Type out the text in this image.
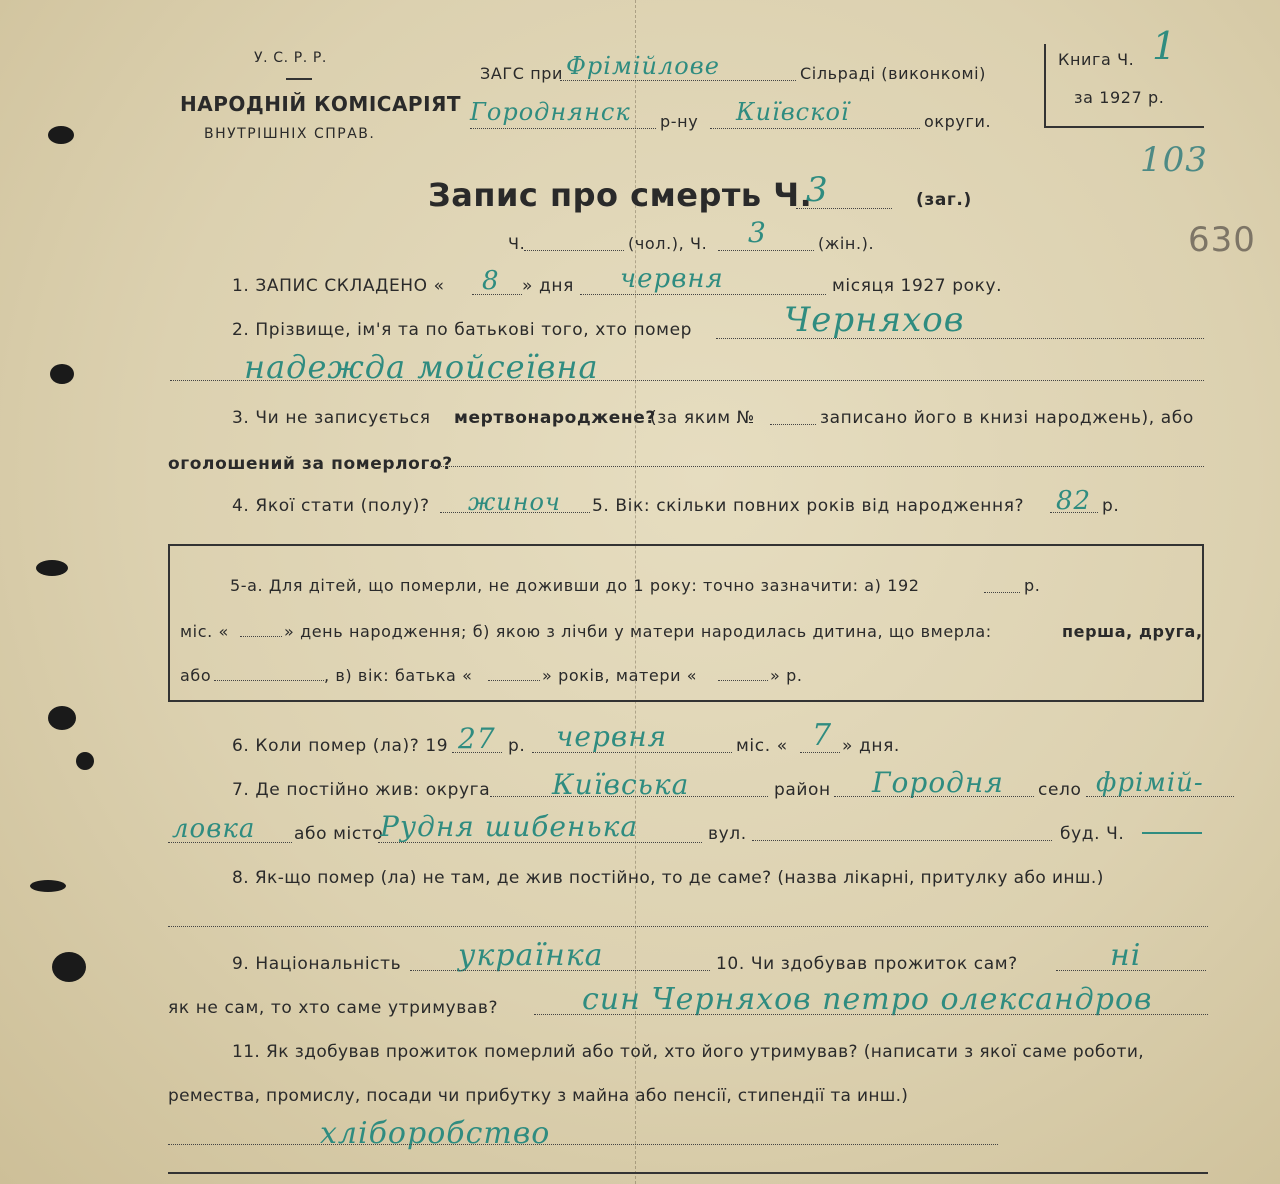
У. С. Р. Р.
НАРОДНІЙ КОМІСАРІЯТ
ВНУТРІШНІХ СПРАВ.
ЗАГС при Фрімійлове	Сільраді (виконкомі)
Городнянск р-ну Київскої	округи.
Книга Ч. 1
за 1927 р.
103
630
Запис про смерть Ч.
3	(заг.)
Ч.	(чол.), Ч. 3	(жін.).
1. ЗАПИС СКЛАДЕНО « 8 » дня червня	місяця 1927 року.
2. Прізвище, ім'я та по батькові того, хто помер	Черняхов
надежда мойсеївна
3. Чи не записується мертвонароджене?
(за яким №	записано його в книзі народжень), або
оголошений за померлого?
4. Якої стати (полу)? жиноч 5. Вік: скільки повних років від народження? 82 р.
5-а. Для дітей, що померли, не доживши до 1 року: точно зазначити: а) 192	р.
міс. «	» день народження; б) якою з лічби у матери народилась дитина, що вмерла:	перша, друга,
або	, в) вік: батька «	» років, матери «	» р.
6. Коли помер (ла)? 19 27 р. червня	міс. « 7 » дня.
7. Де постійно жив: округа Київська	район Городня село фрімій-
ловка або місто
Рудня шибенька	вул.	буд. Ч.
8. Як-що помер (ла) не там, де жив постійно, то де саме? (назва лікарні, притулку або инш.)
9. Національність українка	10. Чи здобував прожиток сам?	ні
як не сам, то хто саме утримував?	син Черняхов петро олександров
11. Як здобував прожиток померлий або той, хто його утримував? (написати з якої саме роботи,
ремества, промислу, посади чи прибутку з майна або пенсії, стипендії та инш.)
хліборобство
